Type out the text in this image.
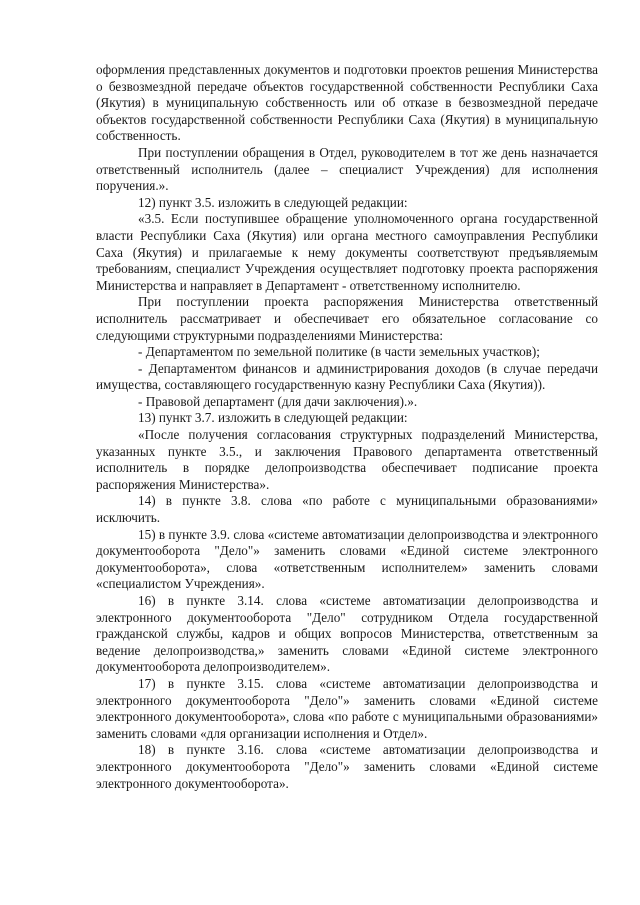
оформления представленных документов и подготовки проектов решения Министерства о безвозмездной передаче объектов государственной собственности Республики Саха (Якутия) в муниципальную собственность или об отказе в безвозмездной передаче объектов государственной собственности Республики Саха (Якутия) в муниципальную собственность.

При поступлении обращения в Отдел, руководителем в тот же день назначается ответственный исполнитель (далее – специалист Учреждения) для исполнения поручения.».

12) пункт 3.5. изложить в следующей редакции:

«3.5. Если поступившее обращение уполномоченного органа государственной власти Республики Саха (Якутия) или органа местного самоуправления Республики Саха (Якутия) и прилагаемые к нему документы соответствуют предъявляемым требованиям, специалист Учреждения осуществляет подготовку проекта распоряжения Министерства и направляет в Департамент - ответственному исполнителю.

При поступлении проекта распоряжения Министерства ответственный исполнитель рассматривает и обеспечивает его обязательное согласование со следующими структурными подразделениями Министерства:

- Департаментом по земельной политике (в части земельных участков);

- Департаментом финансов и администрирования доходов (в случае передачи имущества, составляющего государственную казну Республики Саха (Якутия)).

- Правовой департамент (для дачи заключения).».

13) пункт 3.7. изложить в следующей редакции:

«После получения согласования структурных подразделений Министерства, указанных пункте 3.5., и заключения Правового департамента ответственный исполнитель в порядке делопроизводства обеспечивает подписание проекта распоряжения Министерства».

14) в пункте 3.8. слова «по работе с муниципальными образованиями» исключить.

15) в пункте 3.9. слова «системе автоматизации делопроизводства и электронного документооборота "Дело"» заменить словами «Единой системе электронного документооборота», слова «ответственным исполнителем» заменить словами «специалистом Учреждения».

16) в пункте 3.14. слова «системе автоматизации делопроизводства и электронного документооборота "Дело" сотрудником Отдела государственной гражданской службы, кадров и общих вопросов Министерства, ответственным за ведение делопроизводства,» заменить словами «Единой системе электронного документооборота делопроизводителем».

17) в пункте 3.15. слова «системе автоматизации делопроизводства и электронного документооборота "Дело"» заменить словами «Единой системе электронного документооборота», слова «по работе с муниципальными образованиями» заменить словами «для организации исполнения и Отдел».

18) в пункте 3.16. слова «системе автоматизации делопроизводства и электронного документооборота "Дело"» заменить словами «Единой системе электронного документооборота».
